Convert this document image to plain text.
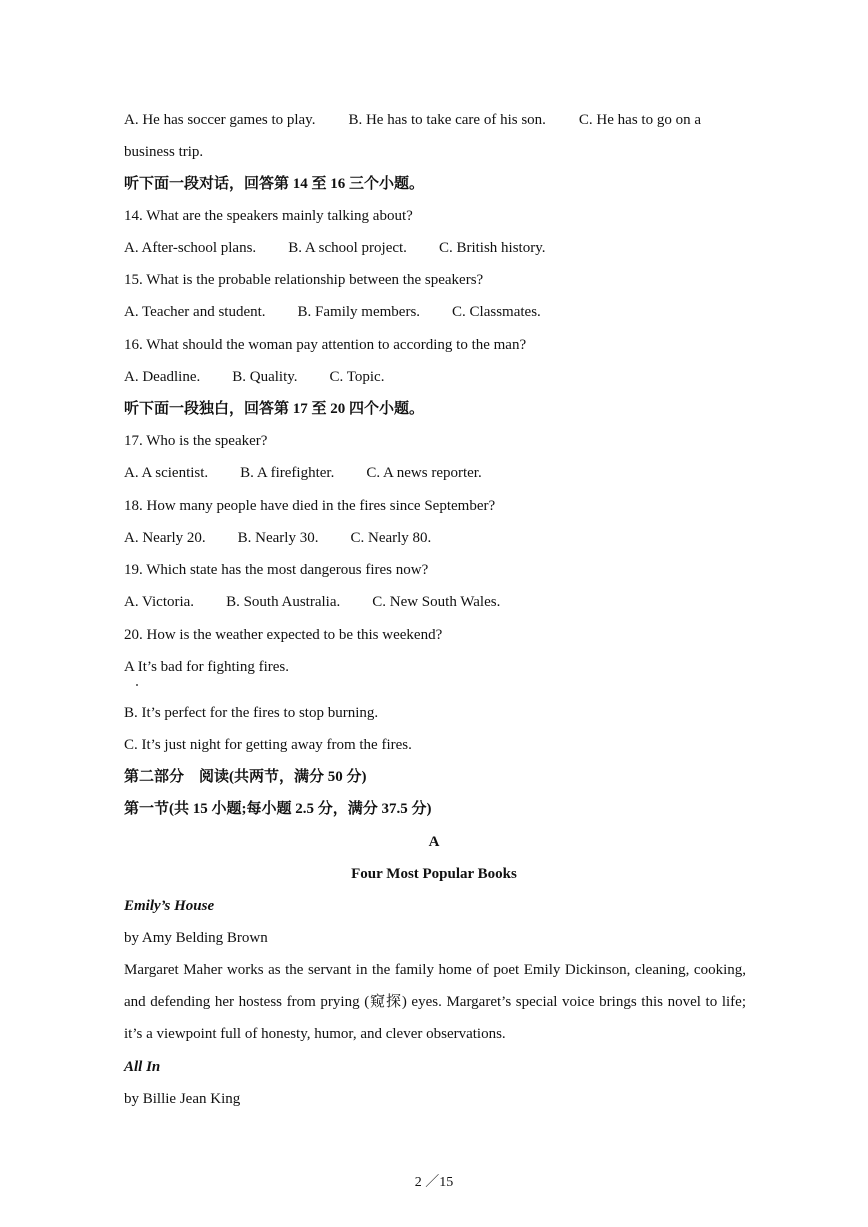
A. He has soccer games to play. B. He has to take care of his son. C. He has to go on a
business trip.
听下面一段对话，回答第 14 至 16 三个小题。
14. What are the speakers mainly talking about?
A. After-school plans. B. A school project. C. British history.
15. What is the probable relationship between the speakers?
A. Teacher and student. B. Family members. C. Classmates.
16. What should the woman pay attention to according to the man?
A. Deadline. B. Quality. C. Topic.
听下面一段独白，回答第 17 至 20 四个小题。
17. Who is the speaker?
A. A scientist. B. A firefighter. C. A news reporter.
18. How many people have died in the fires since September?
A. Nearly 20. B. Nearly 30. C. Nearly 80.
19. Which state has the most dangerous fires now?
A. Victoria. B. South Australia. C. New South Wales.
20. How is the weather expected to be this weekend?
A It’s bad for fighting fires.
B. It’s perfect for the fires to stop burning.
C. It’s just night for getting away from the fires.
第二部分　阅读(共两节，满分 50 分)
第一节(共 15 小题;每小题 2.5 分，满分 37.5 分)
A
Four Most Popular Books
Emily’s House
by Amy Belding Brown
Margaret Maher works as the servant in the family home of poet Emily Dickinson, cleaning, cooking, and defending her hostess from prying (窥探) eyes. Margaret’s special voice brings this novel to life; it’s a viewpoint full of honesty, humor, and clever observations.
All In
by Billie Jean King
2 ／15
